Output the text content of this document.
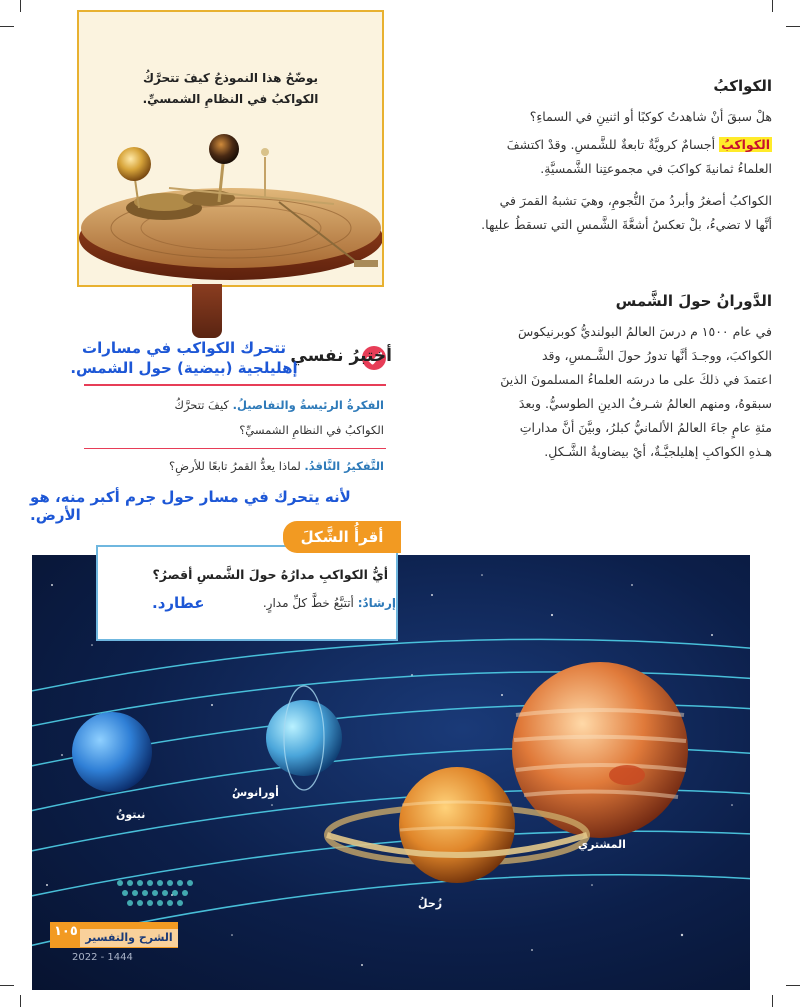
يوضّحُ هذا النموذجُ كيفَ تتحرَّكُ
الكواكبُ في النظامِ الشمسيِّ.
الكواكبُ
هلْ سبقَ أنْ شاهدتُ كوكبًا أو اثنينِ في السماءِ؟
الكواكبُ أجسامٌ كرويَّةٌ تابعةٌ للشَّمسِ. وقدْ اكتشفَ
العلماءُ ثمانيةَ كواكبَ في مجموعتِنا الشَّمسيَّةِ.
الكواكبُ أصغرُ وأبردُ منَ النُّجومِ، وهيَ تشبهُ القمرَ في
أنَّها لا تضيءُ، بلْ تعكسُ أشعَّةَ الشَّمسِ التي تسقطُ عليها.
الدَّورانُ حولَ الشَّمس
في عام ١٥٠٠ م درسَ العالمُ البولنديُّ كوبرنيكوسَ
الكواكبَ، ووجـدَ أنَّها تدورُ حولَ الشَّـمسِ، وقد
اعتمدَ في ذلكَ على ما درسَه العلماءُ المسلمونَ الذينَ
سبقوهُ، ومنهم العالمُ شـرفُ الدينِ الطوسيُّ. وبعدَ
مئةِ عامٍ جاءَ العالمُ الألمانيُّ كبلرُ، وبيَّنَ أنَّ مداراتِ
هـذهِ الكواكبِ إهليلجيَّـةٌ، أيْ بيضاويةُ الشَّـكلِ.
أختبرُ نفسي
تتحرك الكواكب في مسارات
إهليلجية (بيضية) حول الشمس.
الفكرةُ الرئيسةُ والتفاصيلُ. كيفَ تتحرَّكُ
الكواكبُ في النظامِ الشمسيِّ؟
التَّفكيرُ النَّاقدُ. لماذا يعدُّ القمرُ تابعًا للأرضِ؟
لأنه يتحرك في مسار حول جرم أكبر منه، هو الأرض.
نبتونُ
أورانوسُ
زُحلُ
المشتري
أقرأُ الشَّكلَ
أيُّ الكواكبِ مدارُهُ حولَ الشَّمسِ أقصرُ؟
إرشادٌ: أتتبَّعُ خطَّ كلِّ مدارٍ.
عطارد.
١٠٥ الشرح والتفسير
2022 - 1444
